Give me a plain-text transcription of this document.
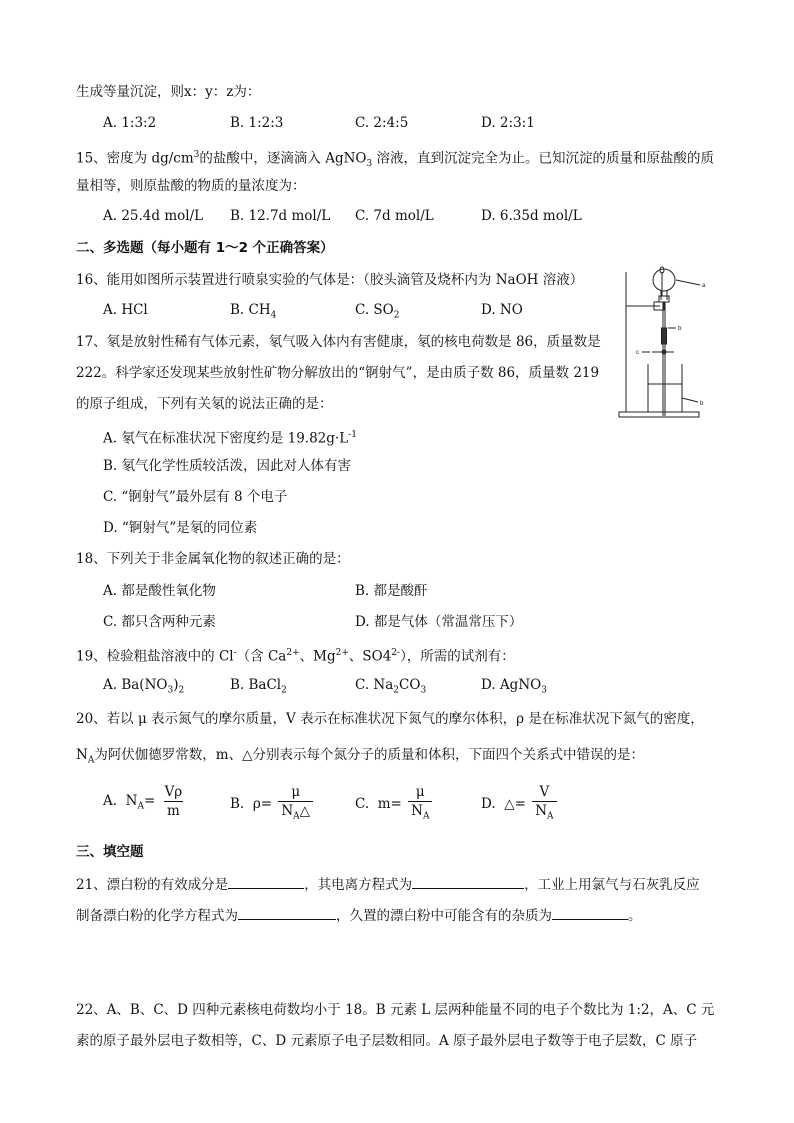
生成等量沉淀，则x：y：z为：
A. 1:3:2	B. 1:2:3	C. 2:4:5	D. 2:3:1
15、密度为 $dg/cm^3$的盐酸中，逐滴滴入 AgNO$_3$ 溶液，直到沉淀完全为止。已知沉淀的质量和原盐酸的质
量相等，则原盐酸的物质的量浓度为：
A. 25.4d mol/L B. 12.7d mol/L C. 7d mol/L	D. 6.35d mol/L
二、多选题（每小题有 1～2 个正确答案）
16、能用如图所示装置进行喷泉实验的气体是：（胶头滴管及烧杯内为 NaOH 溶液）
A. HCl	B. $CH_4$	C. $SO_2$	D. NO
a
b
c
b
17、氡是放射性稀有气体元素，氡气吸入体内有害健康，氡的核电荷数是 86，质量数是
222。科学家还发现某些放射性矿物分解放出的“锕射气”，是由质子数 86，质量数 219
的原子组成，下列有关氡的说法正确的是：
A. 氡气在标准状况下密度约是 $19.82g\cdot L^{-1}$
B. 氡气化学性质较活泼，因此对人体有害
C. “锕射气”最外层有 8 个电子
D. “锕射气”是氡的同位素
18、下列关于非金属氧化物的叙述正确的是：
A. 都是酸性氧化物	B. 都是酸酐
C. 都只含两种元素	D. 都是气体（常温常压下）
19、检验粗盐溶液中的 Cl-（含 $Ca^{2+}$、$Mg^{2+}$、$SO4^{2-}$），所需的试剂有：
A. $Ba(NO_3)_2$	B. BaCl$_2$	C. $Na_2CO_3$	D. AgNO$_3$
20、若以 μ 表示氮气的摩尔质量，V 表示在标准状况下氮气的摩尔体积，ρ 是在标准状况下氮气的密度，
$N_A$为阿伏伽德罗常数，m、△分别表示每个氮分子的质量和体积，下面四个关系式中错误的是：
A. $N_A= \frac{V\rho}{m}$	B. $\rho= \frac{\mu}{N_A\triangle}$	C. $m= \frac{\mu}{N_A}$	D. △= $\frac{V}{N_A}$
三、填空题
21、漂白粉的有效成分是	，其电离方程式为	，工业上用氯气与石灰乳反应
制备漂白粉的化学方程式为	，久置的漂白粉中可能含有的杂质为	。
22、A、B、C、D 四种元素核电荷数均小于 18。B 元素 L 层两种能量不同的电子个数比为 1:2，A、C 元
素的原子最外层电子数相等，C、D 元素原子电子层数相同。A 原子最外层电子数等于电子层数，C 原子
